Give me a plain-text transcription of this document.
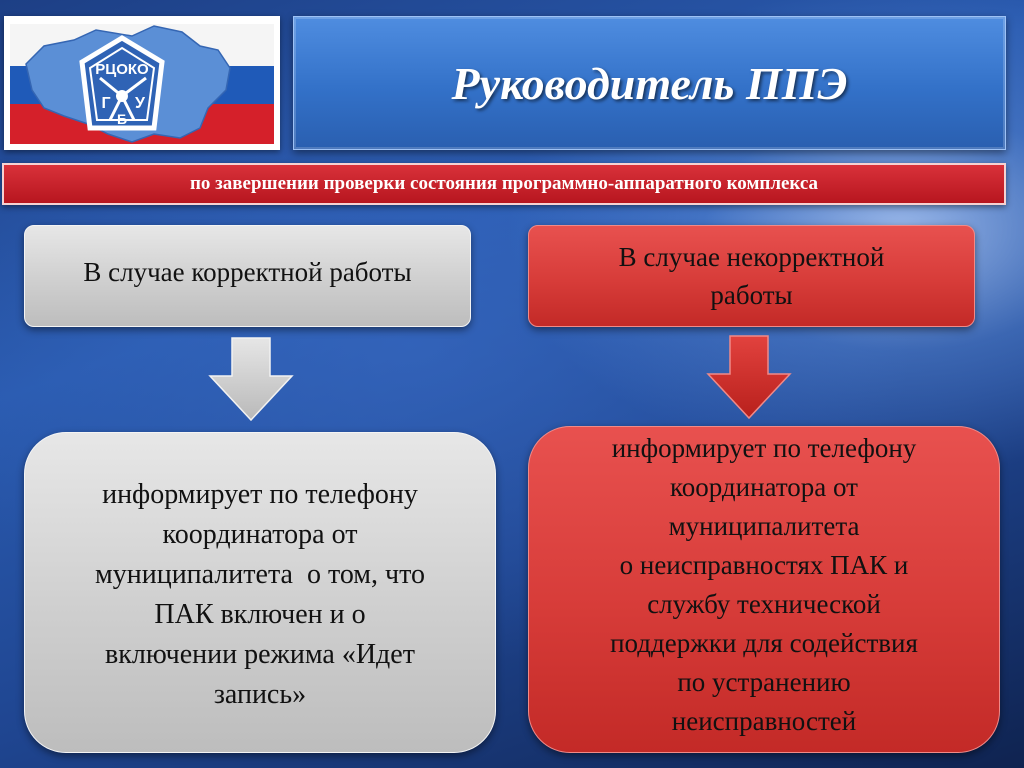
РЦОКО
Г У
Б
Руководитель ППЭ
по завершении проверки состояния программно-аппаратного комплекса
В случае корректной работы
информирует по телефону
координатора от
муниципалитета  о том, что
ПАК включен и о
включении режима «Идет
запись»
В случае некорректной
работы
информирует по телефону
координатора от
муниципалитета
о неисправностях ПАК и
службу технической
поддержки для содействия
по устранению
неисправностей
